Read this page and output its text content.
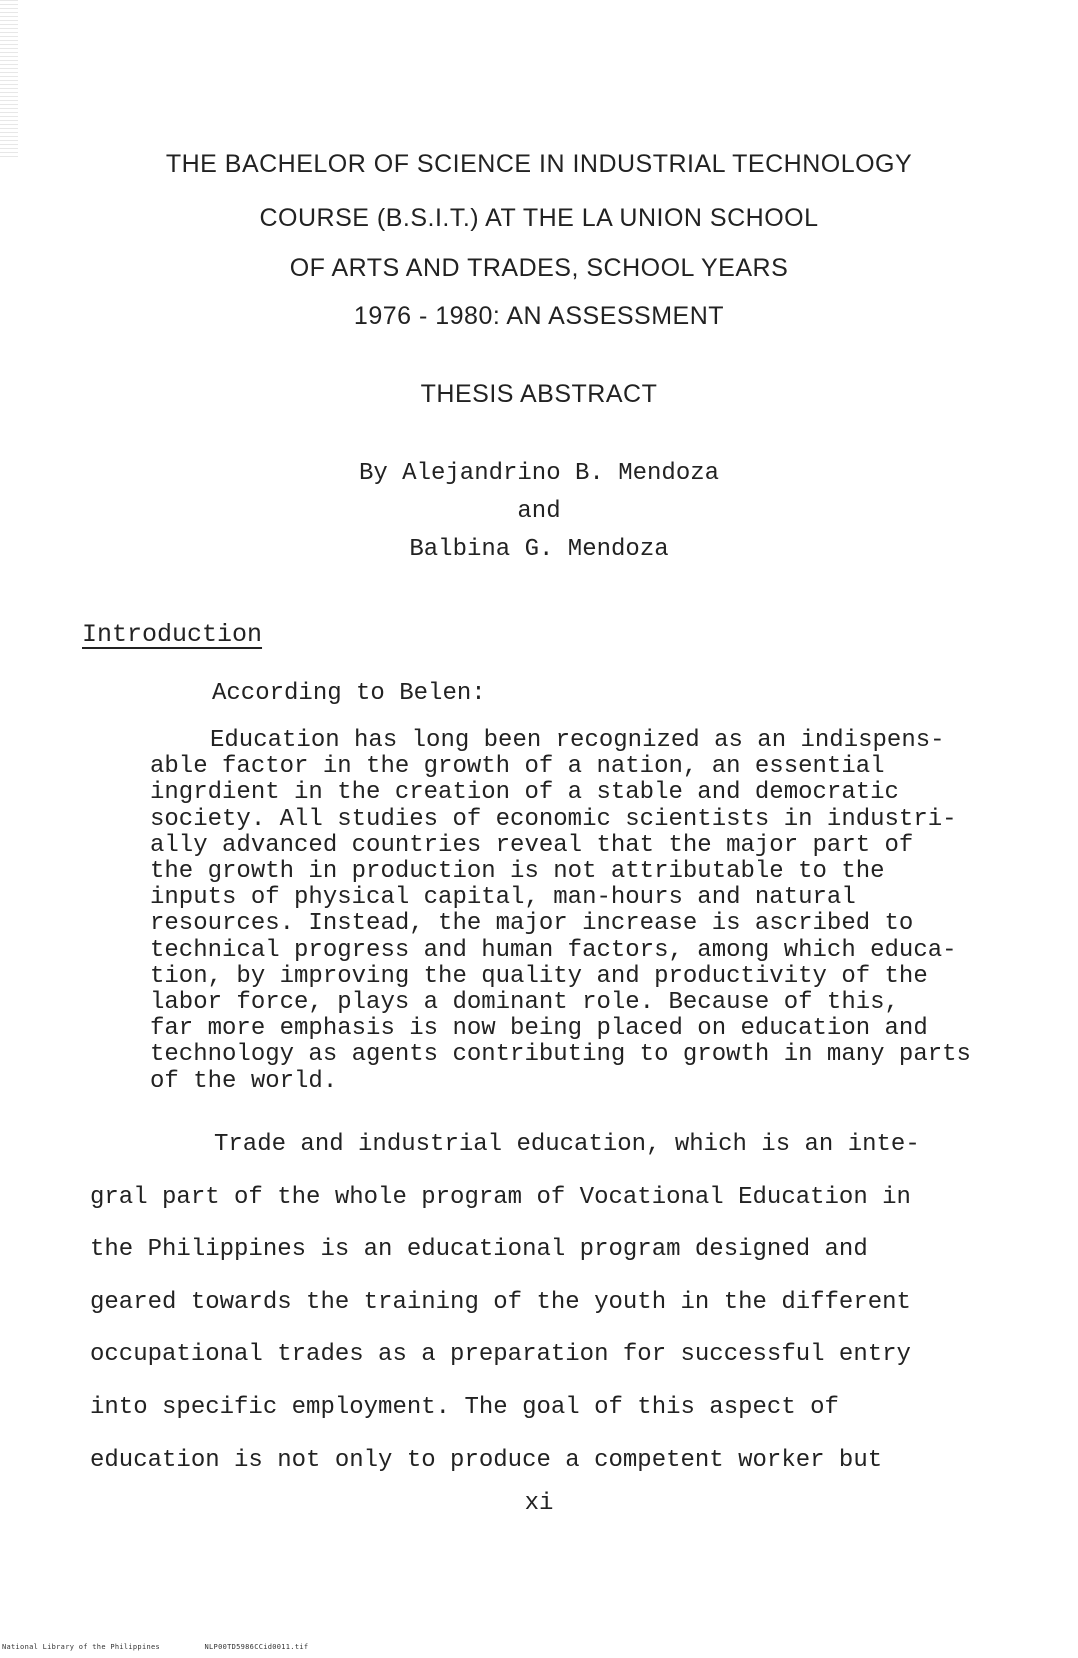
THE BACHELOR OF SCIENCE IN INDUSTRIAL TECHNOLOGY
COURSE (B.S.I.T.) AT THE LA UNION SCHOOL
OF ARTS AND TRADES, SCHOOL YEARS
1976 - 1980: AN ASSESSMENT
THESIS ABSTRACT
By Alejandrino B. Mendoza
and
Balbina G. Mendoza
Introduction
According to Belen:
Education has long been recognized as an indispens-
able factor in the growth of a nation, an essential
ingrdient in the creation of a stable and democratic
society. All studies of economic scientists in industri-
ally advanced countries reveal that the major part of
the growth in production is not attributable to the
inputs of physical capital, man-hours and natural
resources. Instead, the major increase is ascribed to
technical progress and human factors, among which educa-
tion, by improving the quality and productivity of the
labor force, plays a dominant role. Because of this,
far more emphasis is now being placed on education and
technology as agents contributing to growth in many parts
of the world.
Trade and industrial education, which is an inte-
gral part of the whole program of Vocational Education in
the Philippines is an educational program designed and
geared towards the training of the youth in the different
occupational trades as a preparation for successful entry
into specific employment. The goal of this aspect of
education is not only to produce a competent worker but
xi
National Library of the Philippines	NLP00TD5986CCid0011.tif
